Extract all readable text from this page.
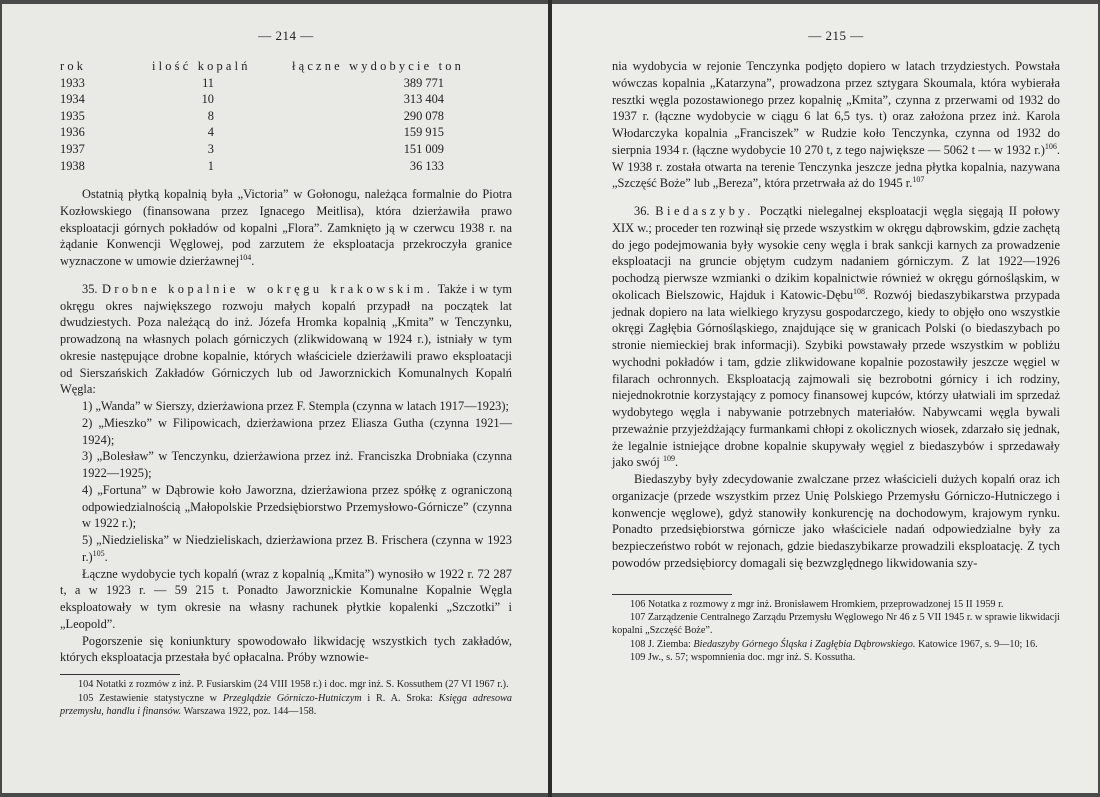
— 214 —
rok	ilość kopalń	łączne wydobycie ton
1933	11	389 771
1934	10	313 404
1935	8	290 078
1936	4	159 915
1937	3	151 009
1938	1	36 133

Ostatnią płytką kopalnią była „Victoria” w Gołonogu, należąca formalnie do Piotra Kozłowskiego (finansowana przez Ignacego Meitlisa), która dzierżawiła prawo eksploatacji górnych pokładów od kopalni „Flora”. Zamknięto ją w czerwcu 1938 r. na żądanie Konwencji Węglowej, pod zarzutem że eksploatacja przekroczyła granice wyznaczone w umowie dzierżawnej$^{104}$.

35. Drobne kopalnie w okręgu krakowskim. Także i w tym okręgu okres największego rozwoju małych kopalń przypadł na początek lat dwudziestych. Poza należącą do inż. Józefa Hromka kopalnią „Kmita” w Tenczynku, prowadzoną na własnych polach górniczych (zlikwidowaną w 1924 r.), istniały w tym okresie następujące drobne kopalnie, których właściciele dzierżawili prawo eksploatacji od Sierszańskich Zakładów Górniczych lub od Jaworznickich Komunalnych Kopalń Węgla:

1) „Wanda” w Sierszy, dzierżawiona przez F. Stempla (czynna w latach 1917—1923);

2) „Mieszko” w Filipowicach, dzierżawiona przez Eliasza Gutha (czynna 1921—1924);

3) „Bolesław” w Tenczynku, dzierżawiona przez inż. Franciszka Drobniaka (czynna 1922—1925);

4) „Fortuna” w Dąbrowie koło Jaworzna, dzierżawiona przez spółkę z ograniczoną odpowiedzialnością „Małopolskie Przedsiębiorstwo Przemysłowo-Górnicze” (czynna w 1922 r.);

5) „Niedzieliska” w Niedzieliskach, dzierżawiona przez B. Frischera (czynna w 1923 r.)$^{105}$.

Łączne wydobycie tych kopalń (wraz z kopalnią „Kmita”) wynosiło w 1922 r. 72 287 t, a w 1923 r. — 59 215 t. Ponadto Jaworznickie Komunalne Kopalnie Węgla eksploatowały w tym okresie na własny rachunek płytkie kopalenki „Szczotki” i „Leopold”.

Pogorszenie się koniunktury spowodowało likwidację wszystkich tych zakładów, których eksploatacja przestała być opłacalna. Próby wznowie-

104 Notatki z rozmów z inż. P. Fusiarskim (24 VIII 1958 r.) i doc. mgr inż. S. Kossuthem (27 VI 1967 r.).

105 Zestawienie statystyczne w Przeglądzie Górniczo-Hutniczym i R. A. Sroka: Księga adresowa przemysłu, handlu i finansów. Warszawa 1922, poz. 144—158.

— 215 —

nia wydobycia w rejonie Tenczynka podjęto dopiero w latach trzydziestych. Powstała wówczas kopalnia „Katarzyna”, prowadzona przez sztygara Skoumala, która wybierała resztki węgla pozostawionego przez kopalnię „Kmita”, czynna z przerwami od 1932 do 1937 r. (łączne wydobycie w ciągu 6 lat 6,5 tys. t) oraz założona przez inż. Karola Włodarczyka kopalnia „Franciszek” w Rudzie koło Tenczynka, czynna od 1932 do sierpnia 1934 r. (łączne wydobycie 10 270 t, z tego największe — 5062 t — w 1932 r.)$^{106}$. W 1938 r. została otwarta na terenie Tenczynka jeszcze jedna płytka kopalnia, nazywana „Szczęść Boże” lub „Bereza”, która przetrwała aż do 1945 r.$^{107}$

36. Biedaszyby. Początki nielegalnej eksploatacji węgla sięgają II połowy XIX w.; proceder ten rozwinął się przede wszystkim w okręgu dąbrowskim, gdzie zachętą do jego podejmowania były wysokie ceny węgla i brak sankcji karnych za prowadzenie eksploatacji na gruncie objętym cudzym nadaniem górniczym. Z lat 1922—1926 pochodzą pierwsze wzmianki o dzikim kopalnictwie również w okręgu górnośląskim, w okolicach Bielszowic, Hajduk i Katowic-Dębu$^{108}$. Rozwój biedaszybikarstwa przypada jednak dopiero na lata wielkiego kryzysu gospodarczego, kiedy to objęło ono wszystkie okręgi Zagłębia Górnośląskiego, znajdujące się w granicach Polski (o biedaszybach po stronie niemieckiej brak informacji). Szybiki powstawały przede wszystkim w pobliżu wychodni pokładów i tam, gdzie zlikwidowane kopalnie pozostawiły jeszcze węgiel w filarach ochronnych. Eksploatacją zajmowali się bezrobotni górnicy i ich rodziny, niejednokrotnie korzystający z pomocy finansowej kupców, którzy ułatwiali im sprzedaż wydobytego węgla i nabywanie potrzebnych materiałów. Nabywcami węgla bywali przeważnie przyjeżdżający furmankami chłopi z okolicznych wiosek, zdarzało się jednak, że legalnie istniejące drobne kopalnie skupywały węgiel z biedaszybów i sprzedawały jako swój $^{109}$.

Biedaszyby były zdecydowanie zwalczane przez właścicieli dużych kopalń oraz ich organizacje (przede wszystkim przez Unię Polskiego Przemysłu Górniczo-Hutniczego i konwencje węglowe), gdyż stanowiły konkurencję na dochodowym, krajowym rynku. Ponadto przedsiębiorstwa górnicze jako właściciele nadań odpowiedzialne były za bezpieczeństwo robót w rejonach, gdzie biedaszybikarze prowadzili eksploatację. Z tych powodów przedsiębiorcy domagali się bezwzględnego likwidowania szy-

106 Notatka z rozmowy z mgr inż. Bronisławem Hromkiem, przeprowadzonej 15 II 1959 r.

107 Zarządzenie Centralnego Zarządu Przemysłu Węglowego Nr 46 z 5 VII 1945 r. w sprawie likwidacji kopalni „Szczęść Boże”.

108 J. Ziemba: Biedaszyby Górnego Śląska i Zagłębia Dąbrowskiego. Katowice 1967, s. 9—10; 16.

109 Jw., s. 57; wspomnienia doc. mgr inż. S. Kossutha.
